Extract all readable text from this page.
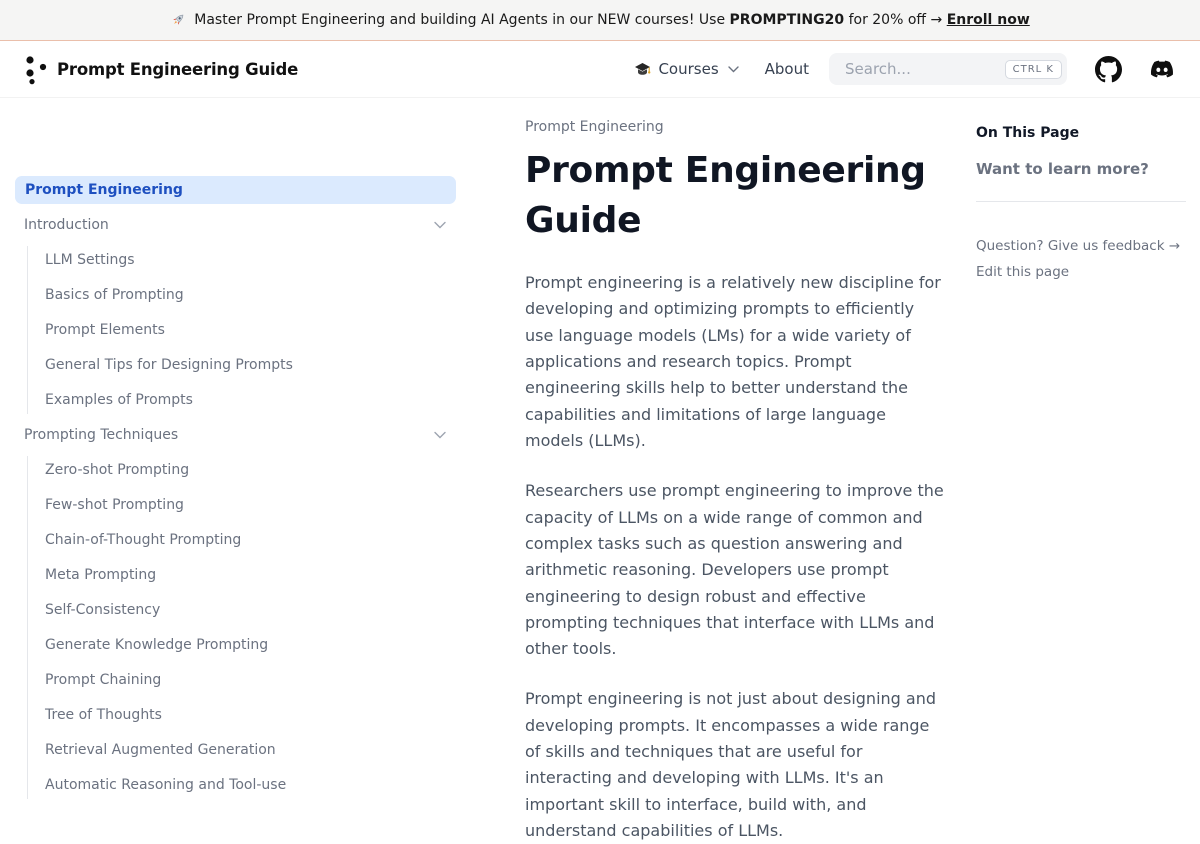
Master Prompt Engineering and building AI Agents in our NEW courses! Use PROMPTING20 for 20% off → Enroll now
Prompt Engineering Guide	Courses	About
Search...	CTRL K
Prompt Engineering
Introduction
LLM Settings
Basics of Prompting
Prompt Elements
General Tips for Designing Prompts
Examples of Prompts
Prompting Techniques
Zero-shot Prompting
Few-shot Prompting
Chain-of-Thought Prompting
Meta Prompting
Self-Consistency
Generate Knowledge Prompting
Prompt Chaining
Tree of Thoughts
Retrieval Augmented Generation
Automatic Reasoning and Tool-use
Prompt Engineering
Prompt Engineering Guide

Prompt engineering is a relatively new discipline for developing and optimizing prompts to efficiently use language models (LMs) for a wide variety of applications and research topics. Prompt engineering skills help to better understand the capabilities and limitations of large language models (LLMs).

Researchers use prompt engineering to improve the capacity of LLMs on a wide range of common and complex tasks such as question answering and arithmetic reasoning. Developers use prompt engineering to design robust and effective prompting techniques that interface with LLMs and other tools.

Prompt engineering is not just about designing and developing prompts. It encompasses a wide range of skills and techniques that are useful for interacting and developing with LLMs. It's an important skill to interface, build with, and understand capabilities of LLMs.

On This Page
Want to learn more?
Question? Give us feedback →
Edit this page
